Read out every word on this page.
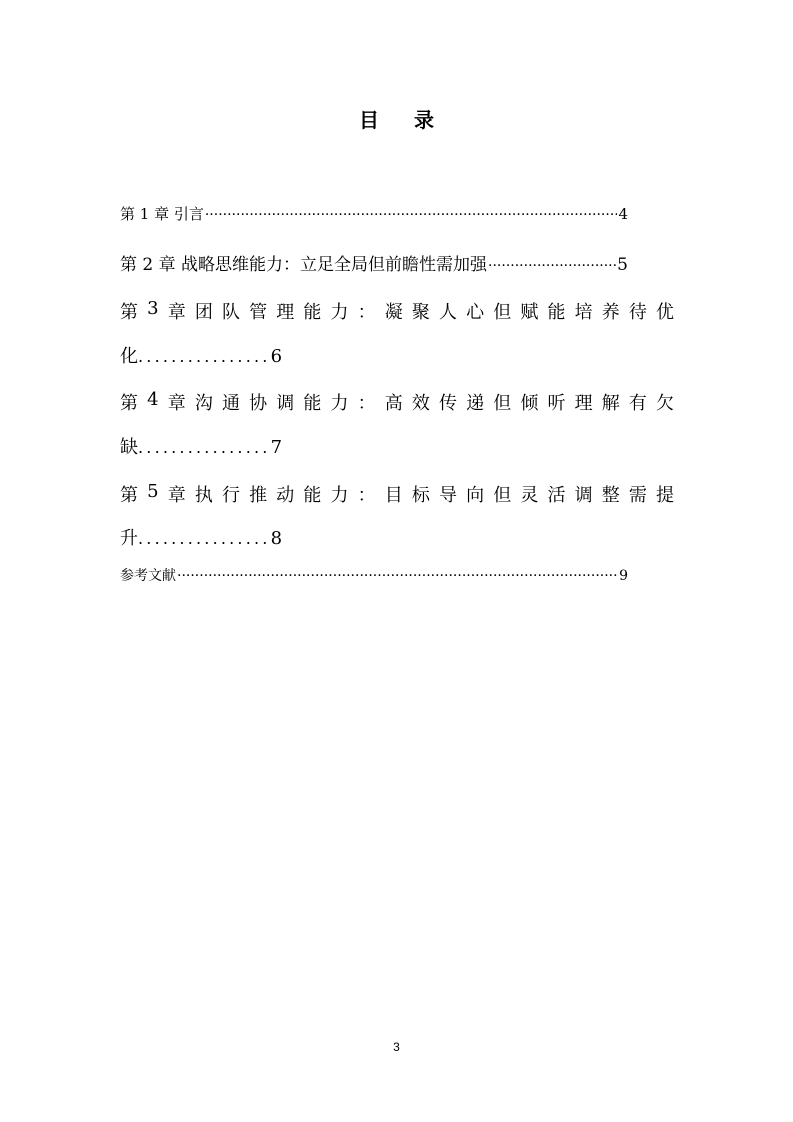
目 录
第 1 章 引言 ·····	4
第 2 章 战略思维能力：立足全局但前瞻性需加强 ·····	5
第 3 章 团 队 管 理 能 力 ： 凝 聚 人 心 但 赋 能 培 养 待 优
化................6
第 4 章 沟 通 协 调 能 力 ： 高 效 传 递 但 倾 听 理 解 有 欠
缺................7
第 5 章 执 行 推 动 能 力 ： 目 标 导 向 但 灵 活 调 整 需 提
升................8
参考文献 ·····	9
3
